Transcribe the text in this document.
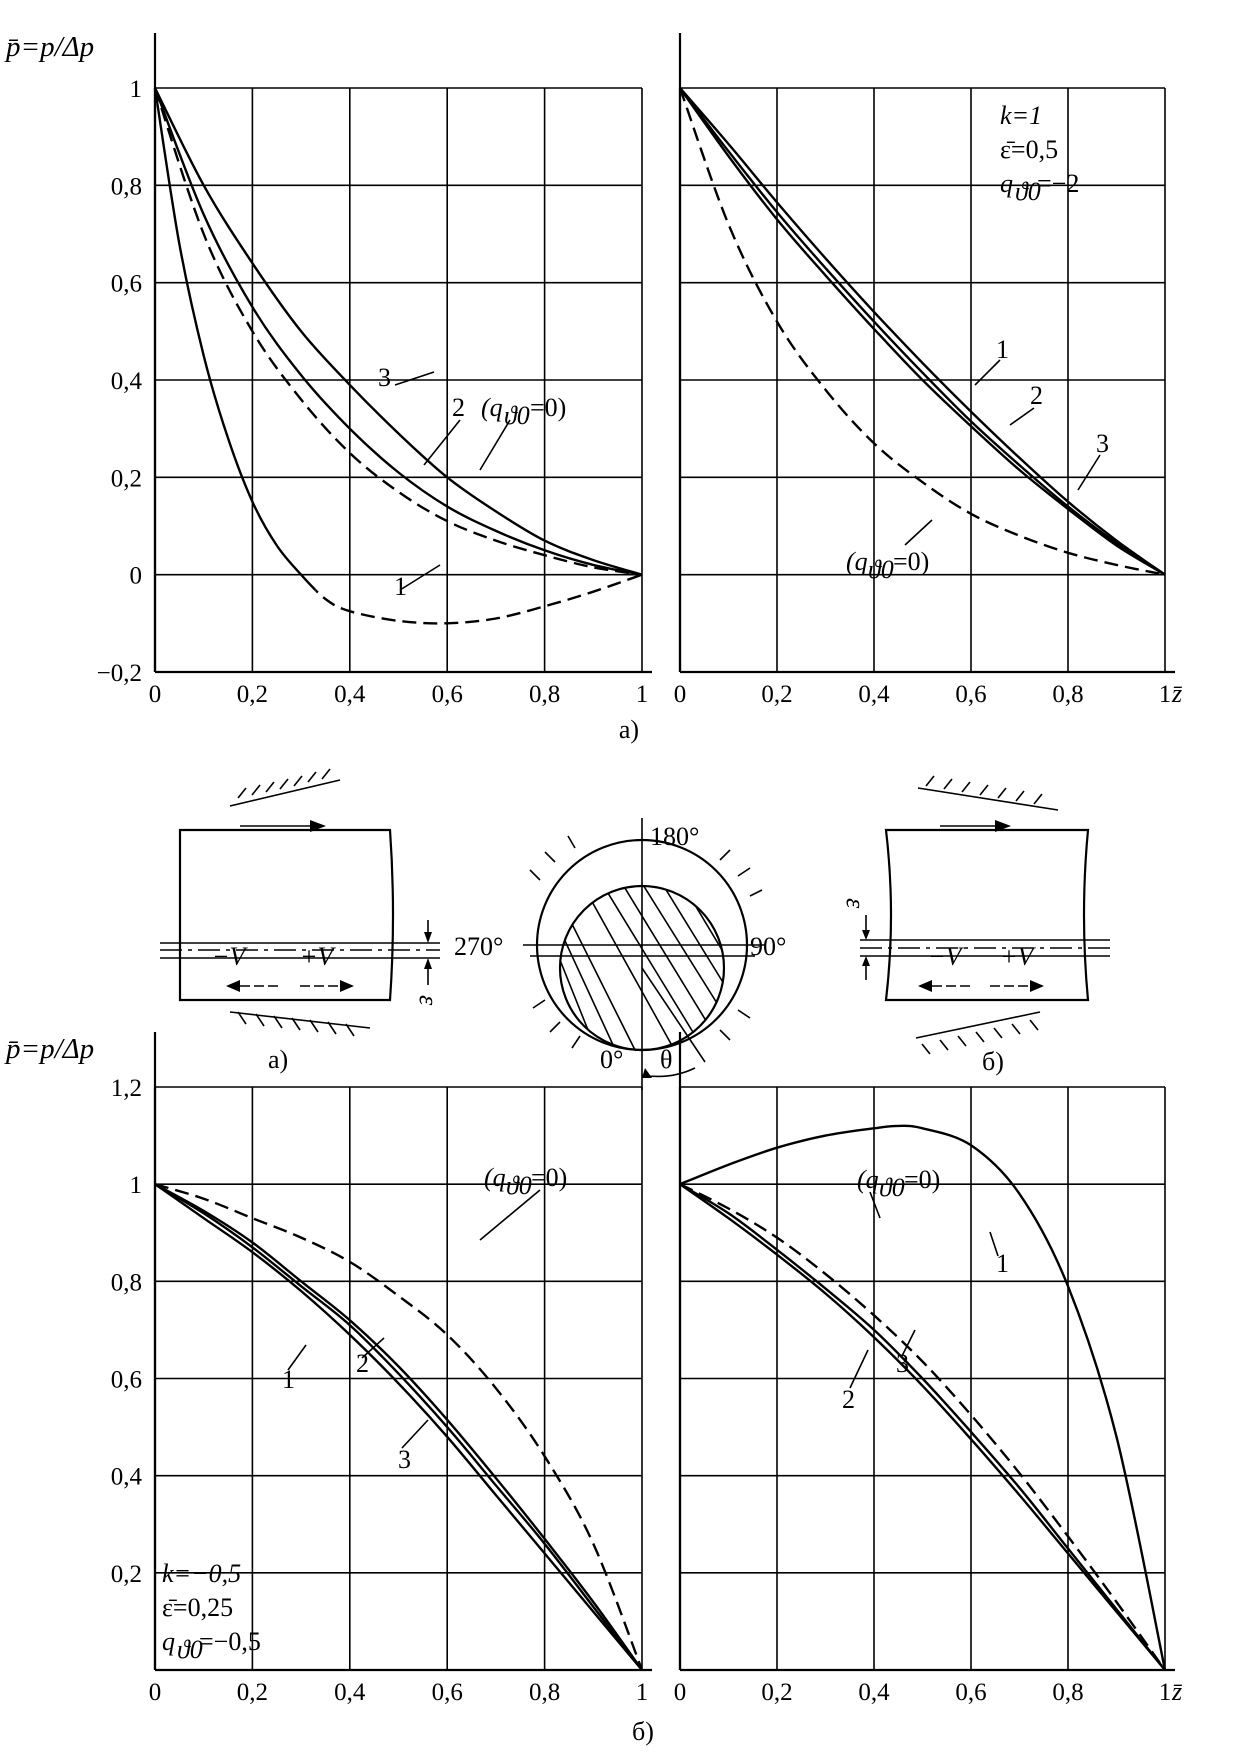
0	0,2	0,4	0,6	0,8	1
−0,2
0
0,2
0,4
0,6
0,8
1
0	0,2	0,4	0,6	0,8	1
0	0,2	0,4	0,6	0,8	1
0,2
0,4
0,6
0,8
1
1,2
0	0,2	0,4	0,6	0,8	1
p̄=p/Δp
а)
z̄
3
2 (q ϑ0 =0)
1
k=1
ε̄=0,5
q ϑ0
=−2
1
2
3
(q ϑ0 =0)
ε
−V +V
а)
180°
270°	90°
0° θ
ε
−V +V
б)
p̄=p/Δp
б)
z̄
k=−0,5
ε̄=0,25
q ϑ0
=−0,5
1
2
3
(q ϑ0 =0)
1
2
3
(q ϑ0 =0)
